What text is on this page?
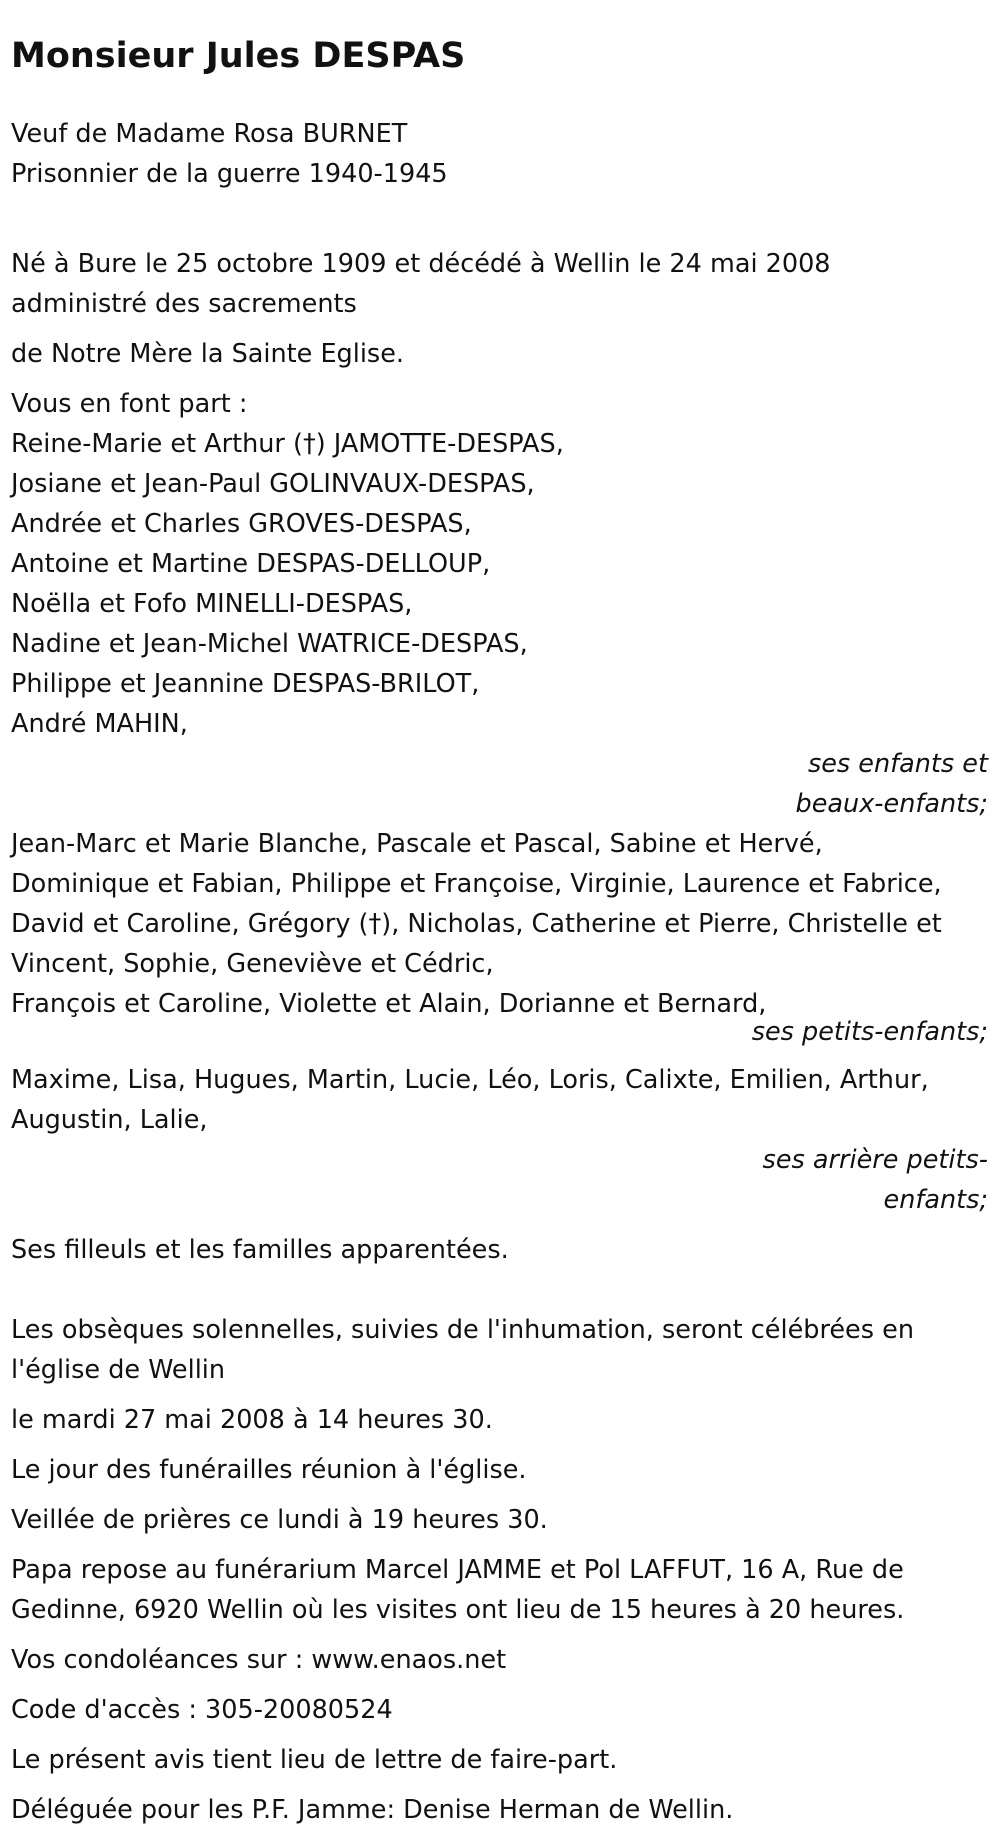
Monsieur Jules DESPAS
Veuf de Madame Rosa BURNET
Prisonnier de la guerre 1940-1945
Né à Bure le 25 octobre 1909 et décédé à Wellin le 24 mai 2008
administré des sacrements
de Notre Mère la Sainte Eglise.
Vous en font part :
Reine-Marie et Arthur (†) JAMOTTE-DESPAS,
Josiane et Jean-Paul GOLINVAUX-DESPAS,
Andrée et Charles GROVES-DESPAS,
Antoine et Martine DESPAS-DELLOUP,
Noëlla et Fofo MINELLI-DESPAS,
Nadine et Jean-Michel WATRICE-DESPAS,
Philippe et Jeannine DESPAS-BRILOT,
André MAHIN,
ses enfants et
beaux-enfants;
Jean-Marc et Marie Blanche, Pascale et Pascal, Sabine et Hervé,
Dominique et Fabian, Philippe et Françoise, Virginie, Laurence et Fabrice,
David et Caroline, Grégory (†), Nicholas, Catherine et Pierre, Christelle et
Vincent, Sophie, Geneviève et Cédric,
François et Caroline, Violette et Alain, Dorianne et Bernard,
ses petits-enfants;
Maxime, Lisa, Hugues, Martin, Lucie, Léo, Loris, Calixte, Emilien, Arthur,
Augustin, Lalie,
ses arrière petits-
enfants;
Ses filleuls et les familles apparentées.
Les obsèques solennelles, suivies de l'inhumation, seront célébrées en
l'église de Wellin
le mardi 27 mai 2008 à 14 heures 30.
Le jour des funérailles réunion à l'église.
Veillée de prières ce lundi à 19 heures 30.
Papa repose au funérarium Marcel JAMME et Pol LAFFUT, 16 A, Rue de
Gedinne, 6920 Wellin où les visites ont lieu de 15 heures à 20 heures.
Vos condoléances sur : www.enaos.net
Code d'accès : 305-20080524
Le présent avis tient lieu de lettre de faire-part.
Déléguée pour les P.F. Jamme: Denise Herman de Wellin.
